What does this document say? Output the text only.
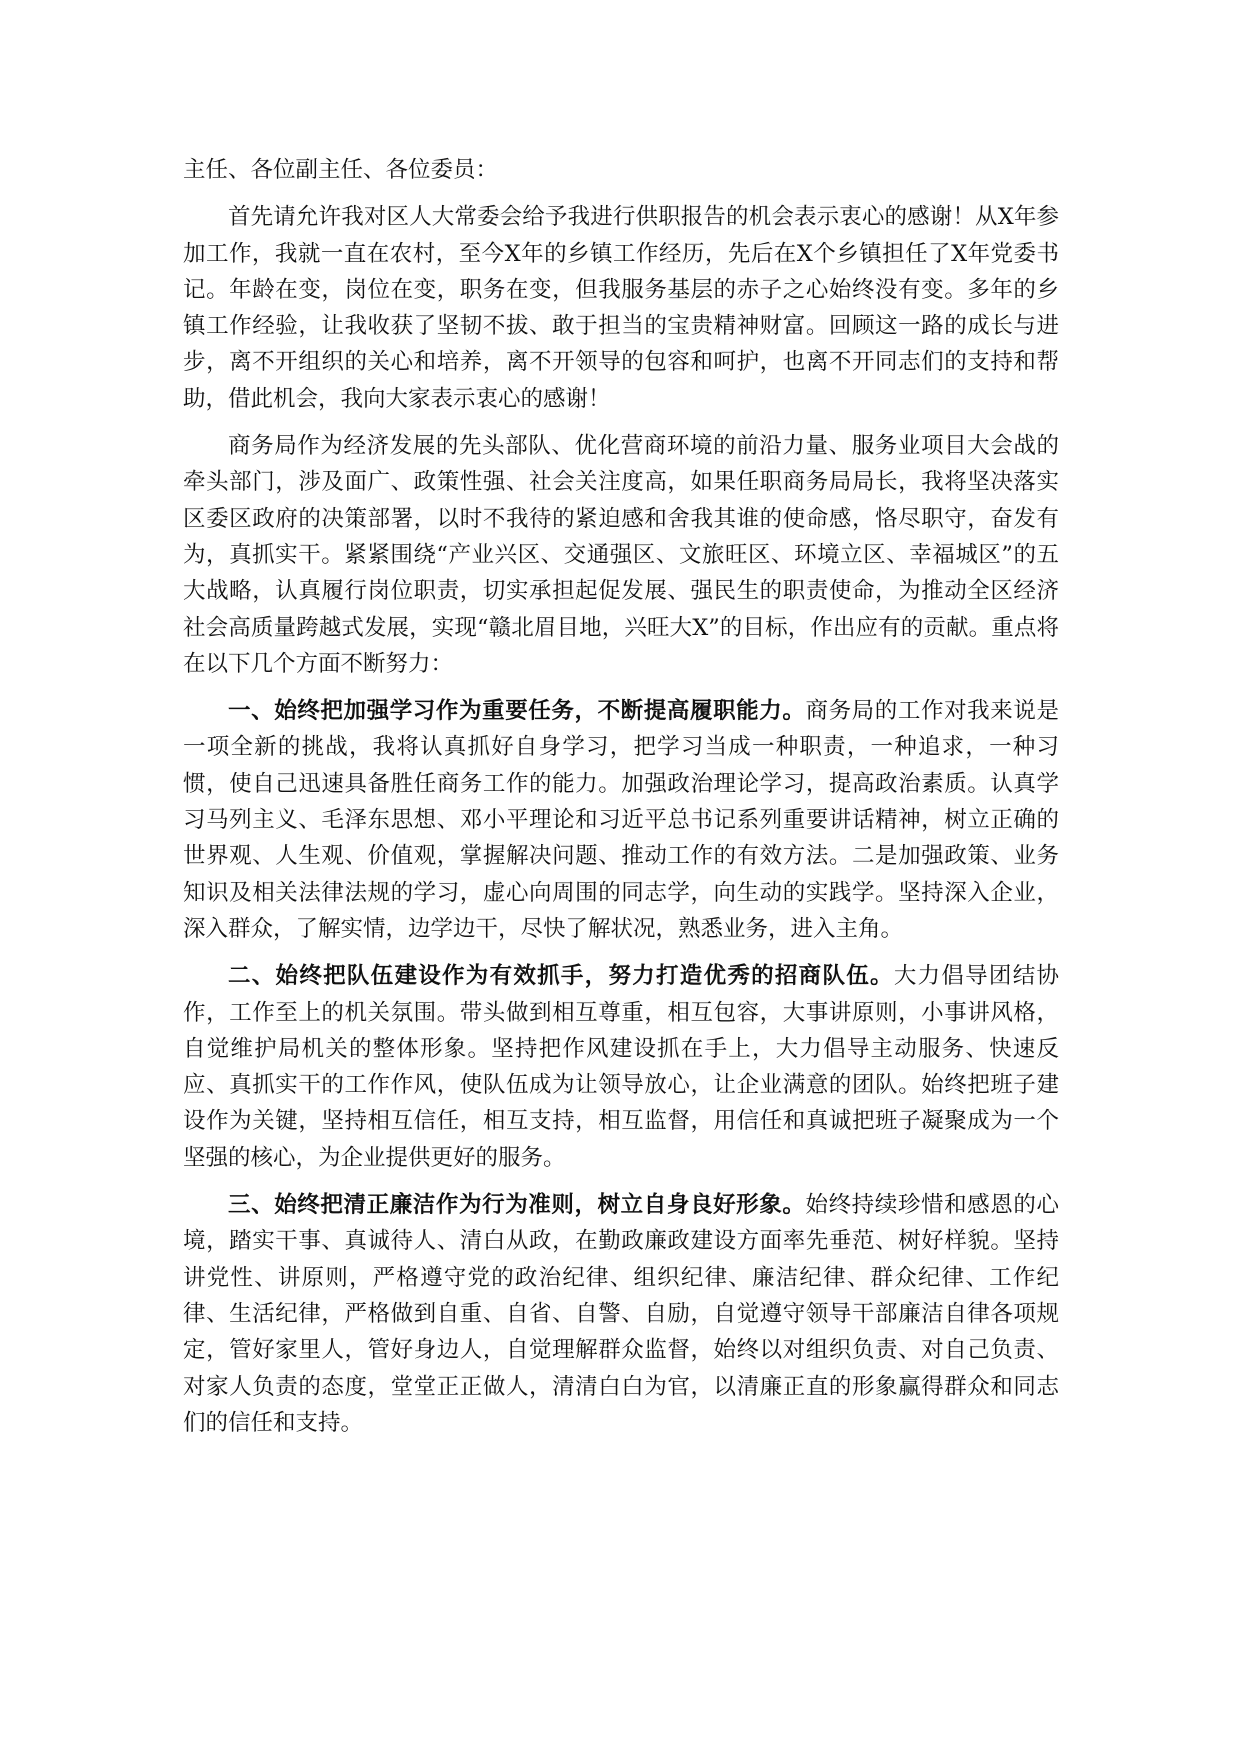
主任、各位副主任、各位委员：

首先请允许我对区人大常委会给予我进行供职报告的机会表示衷心的感谢！从X年参加工作，我就一直在农村，至今X年的乡镇工作经历，先后在X个乡镇担任了X年党委书记。年龄在变，岗位在变，职务在变，但我服务基层的赤子之心始终没有变。多年的乡镇工作经验，让我收获了坚韧不拔、敢于担当的宝贵精神财富。回顾这一路的成长与进步，离不开组织的关心和培养，离不开领导的包容和呵护，也离不开同志们的支持和帮助，借此机会，我向大家表示衷心的感谢！

商务局作为经济发展的先头部队、优化营商环境的前沿力量、服务业项目大会战的牵头部门，涉及面广、政策性强、社会关注度高，如果任职商务局局长，我将坚决落实区委区政府的决策部署，以时不我待的紧迫感和舍我其谁的使命感，恪尽职守，奋发有为，真抓实干。紧紧围绕“产业兴区、交通强区、文旅旺区、环境立区、幸福城区”的五大战略，认真履行岗位职责，切实承担起促发展、强民生的职责使命，为推动全区经济社会高质量跨越式发展，实现“赣北眉目地，兴旺大X”的目标，作出应有的贡献。重点将在以下几个方面不断努力：

一、始终把加强学习作为重要任务，不断提高履职能力。商务局的工作对我来说是一项全新的挑战，我将认真抓好自身学习，把学习当成一种职责，一种追求，一种习惯，使自己迅速具备胜任商务工作的能力。加强政治理论学习，提高政治素质。认真学习马列主义、毛泽东思想、邓小平理论和习近平总书记系列重要讲话精神，树立正确的世界观、人生观、价值观，掌握解决问题、推动工作的有效方法。二是加强政策、业务知识及相关法律法规的学习，虚心向周围的同志学，向生动的实践学。坚持深入企业，深入群众，了解实情，边学边干，尽快了解状况，熟悉业务，进入主角。

二、始终把队伍建设作为有效抓手，努力打造优秀的招商队伍。大力倡导团结协作，工作至上的机关氛围。带头做到相互尊重，相互包容，大事讲原则，小事讲风格，自觉维护局机关的整体形象。坚持把作风建设抓在手上，大力倡导主动服务、快速反应、真抓实干的工作作风，使队伍成为让领导放心，让企业满意的团队。始终把班子建设作为关键，坚持相互信任，相互支持，相互监督，用信任和真诚把班子凝聚成为一个坚强的核心，为企业提供更好的服务。

三、始终把清正廉洁作为行为准则，树立自身良好形象。始终持续珍惜和感恩的心境，踏实干事、真诚待人、清白从政，在勤政廉政建设方面率先垂范、树好样貌。坚持讲党性、讲原则，严格遵守党的政治纪律、组织纪律、廉洁纪律、群众纪律、工作纪律、生活纪律，严格做到自重、自省、自警、自励，自觉遵守领导干部廉洁自律各项规定，管好家里人，管好身边人，自觉理解群众监督，始终以对组织负责、对自己负责、对家人负责的态度，堂堂正正做人，清清白白为官，以清廉正直的形象赢得群众和同志们的信任和支持。
